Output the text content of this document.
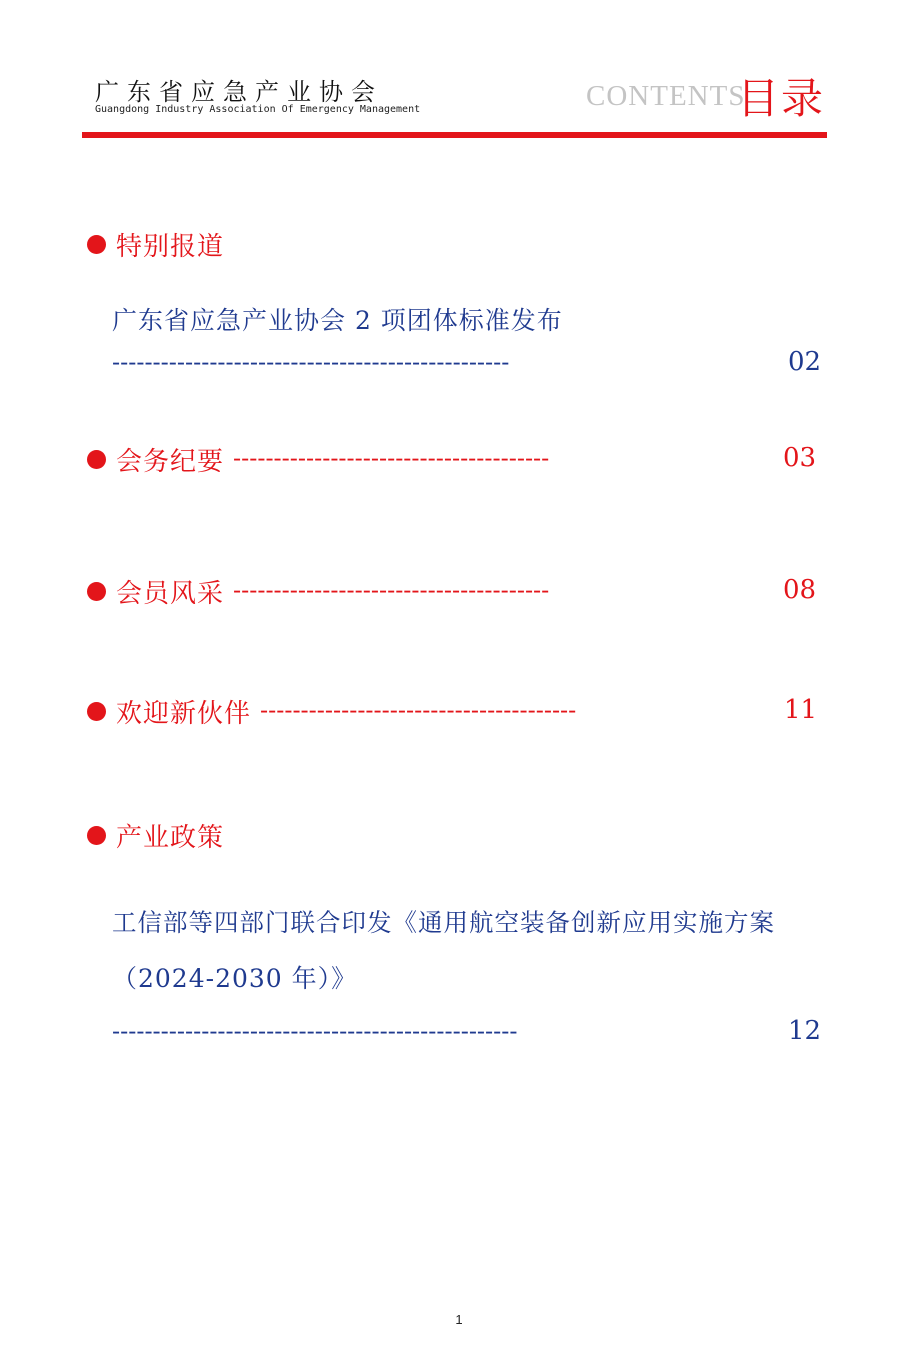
广东省应急产业协会
Guangdong Industry Association Of Emergency Management	CONTENTS
目录
特别报道
广东省应急产业协会 2 项团体标准发布
-------------------------------------------------	02
会务纪要 ---------------------------------------	03
会员风采 ---------------------------------------	08
欢迎新伙伴 ---------------------------------------	11
产业政策
工信部等四部门联合印发《通用航空装备创新应用实施方案
（2024-2030 年）》
--------------------------------------------------	12
1
